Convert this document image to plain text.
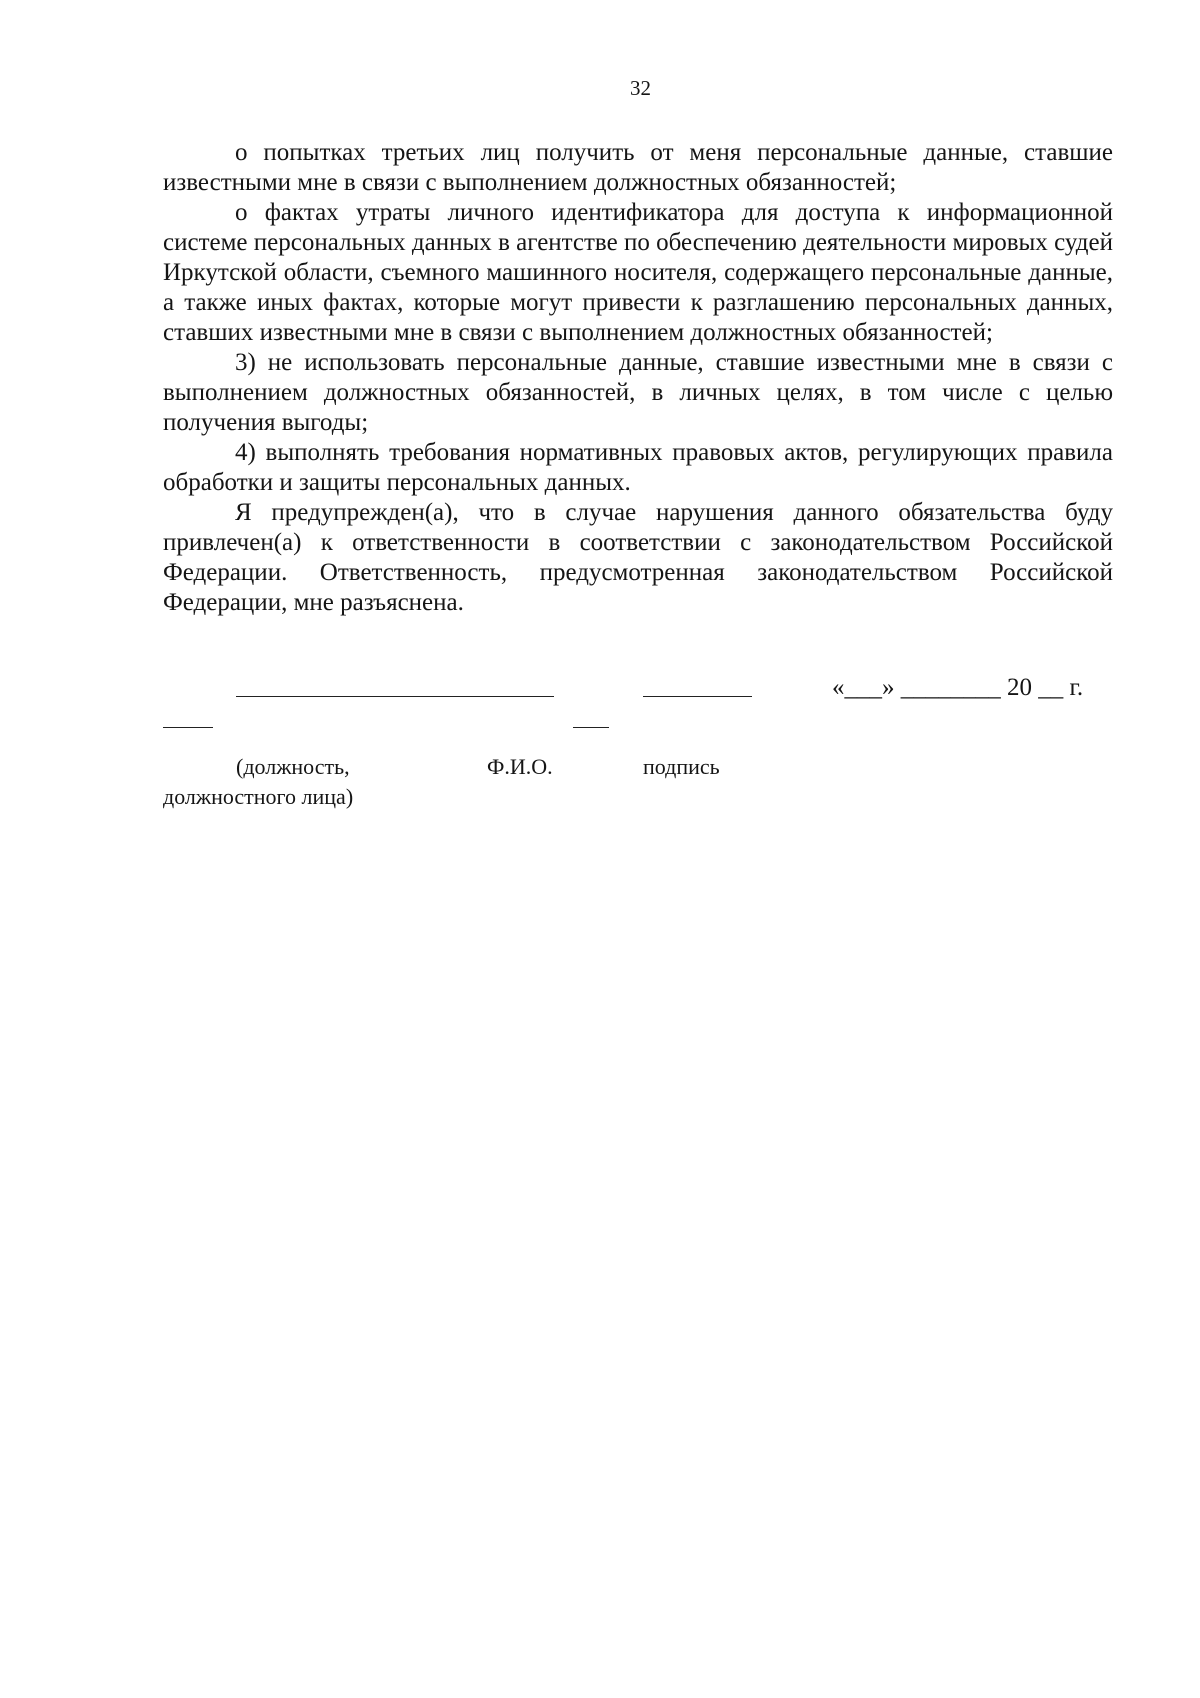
32

о попытках третьих лиц получить от меня персональные данные, ставшие известными мне в связи с выполнением должностных обязанностей;

о фактах утраты личного идентификатора для доступа к информационной системе персональных данных в агентстве по обеспечению деятельности мировых судей Иркутской области, съемного машинного носителя, содержащего персональные данные, а также иных фактах, которые могут привести к разглашению персональных данных, ставших известными мне в связи с выполнением должностных обязанностей;

3) не использовать персональные данные, ставшие известными мне в связи с выполнением должностных обязанностей, в личных целях, в том числе с целью получения выгоды;

4) выполнять требования нормативных правовых актов, регулирующих правила обработки и защиты персональных данных.

Я предупрежден(а), что в случае нарушения данного обязательства буду привлечен(а) к ответственности в соответствии с законодательством Российской Федерации. Ответственность, предусмотренная законодательством Российской Федерации, мне разъяснена.

«___» ________ 20 __ г.
(должность,
должностного лица)
Ф.И.О.	подпись
